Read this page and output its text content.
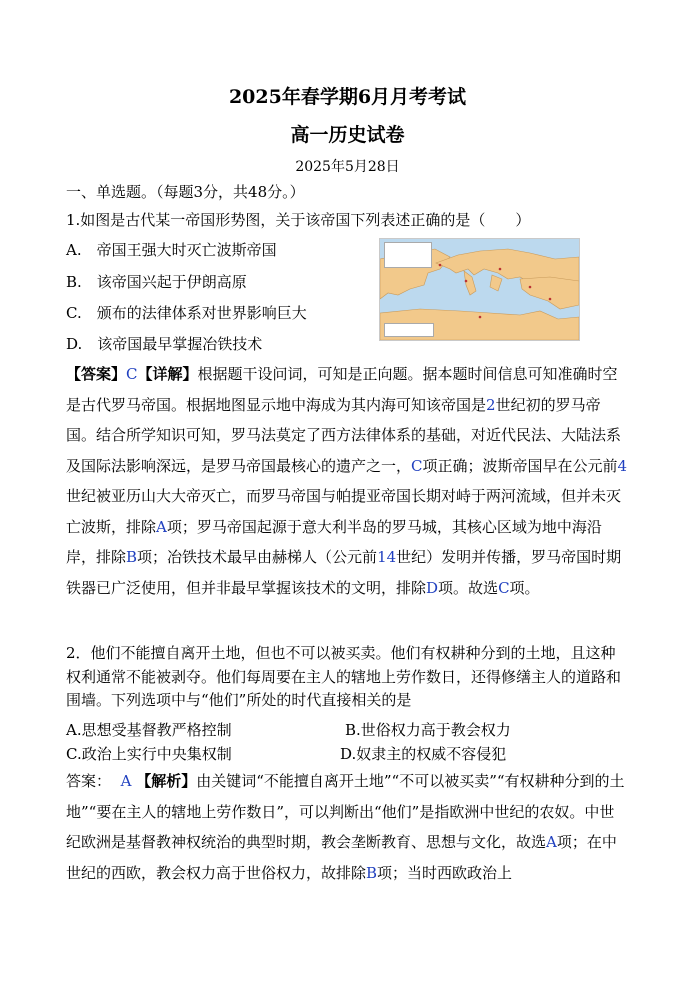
2025年春学期6月月考考试
高一历史试卷
2025年5月28日
一、单选题。（每题3分，共48分。）
1.如图是古代某一帝国形势图，关于该帝国下列表述正确的是（　　）
A.　帝国王强大时灭亡波斯帝国
B.　该帝国兴起于伊朗高原
C.　颁布的法律体系对世界影响巨大
D.　该帝国最早掌握冶铁技术
【答案】C【详解】根据题干设问词，可知是正向题。据本题时间信息可知准确时空是古代罗马帝国。根据地图显示地中海成为其内海可知该帝国是2世纪初的罗马帝国。结合所学知识可知，罗马法莫定了西方法律体系的基础，对近代民法、大陆法系及国际法影响深远，是罗马帝国最核心的遗产之一，C项正确；波斯帝国早在公元前4世纪被亚历山大大帝灭亡，而罗马帝国与帕提亚帝国长期对峙于两河流域，但并未灭亡波斯，排除A项；罗马帝国起源于意大利半岛的罗马城，其核心区域为地中海沿岸，排除B项；冶铁技术最早由赫梯人（公元前14世纪）发明并传播，罗马帝国时期铁器已广泛使用，但并非最早掌握该技术的文明，排除D项。故选C项。
2．他们不能擅自离开土地，但也不可以被买卖。他们有权耕种分到的土地，且这种权利通常不能被剥夺。他们每周要在主人的辖地上劳作数日，还得修缮主人的道路和围墙。下列选项中与“他们”所处的时代直接相关的是
A.思想受基督教严格控制	B.世俗权力高于教会权力
C.政治上实行中央集权制	D.奴隶主的权威不容侵犯
答案： A 【解析】由关键词“不能擅自离开土地”“不可以被买卖”“有权耕种分到的土地”“要在主人的辖地上劳作数日”，可以判断出“他们”是指欧洲中世纪的农奴。中世纪欧洲是基督教神权统治的典型时期，教会垄断教育、思想与文化，故选A项；在中世纪的西欧，教会权力高于世俗权力，故排除B项；当时西欧政治上
